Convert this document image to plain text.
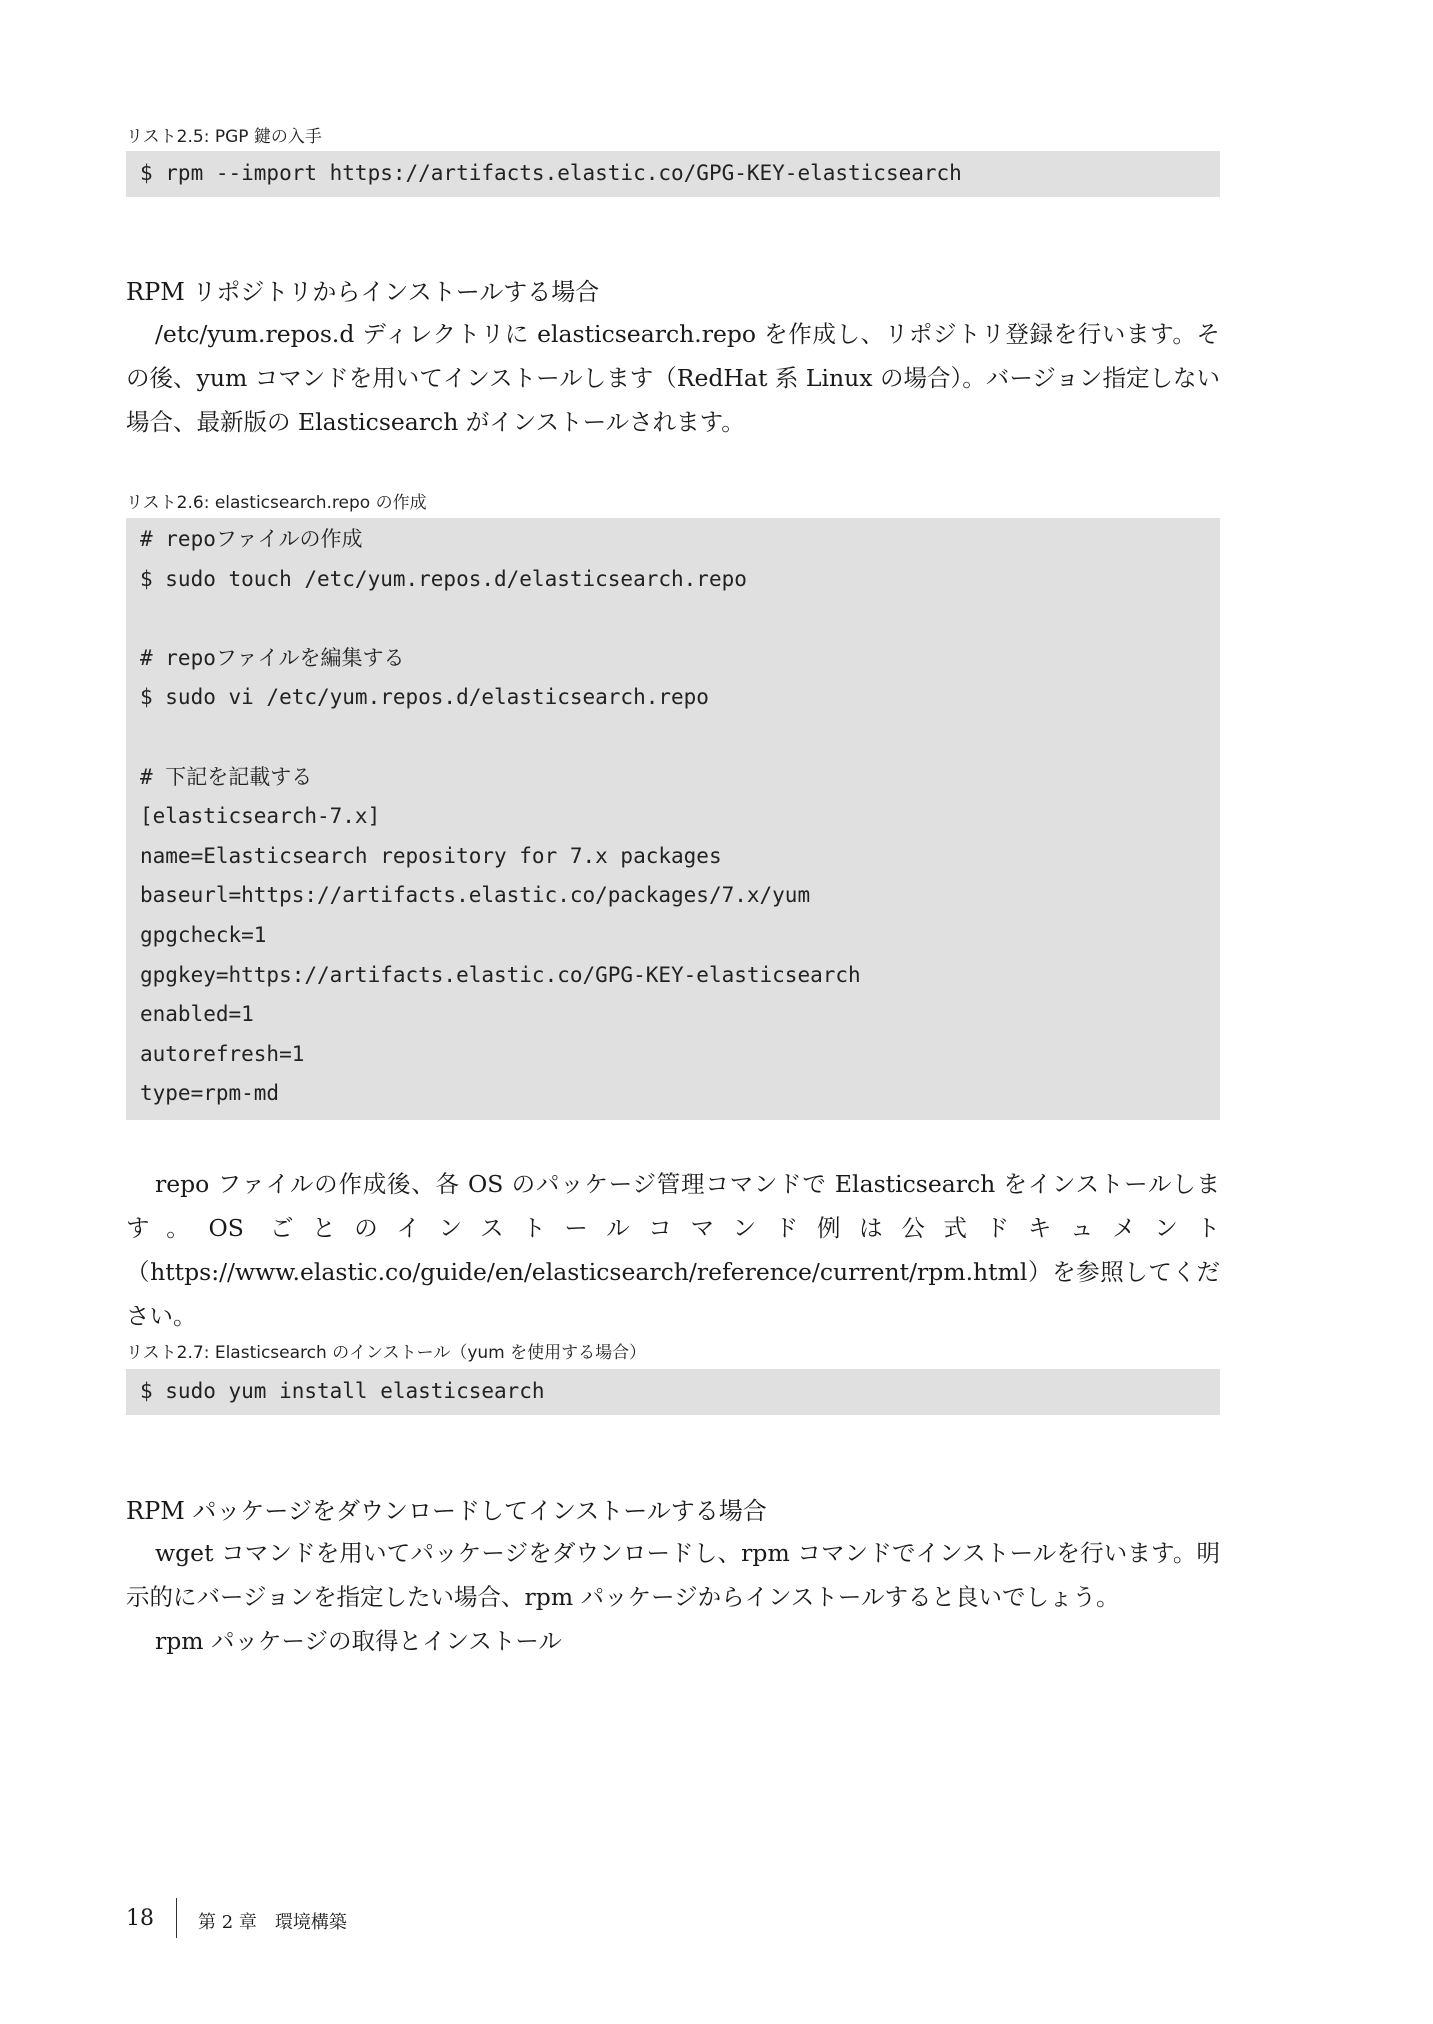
リスト2.5: PGP 鍵の入手
$ rpm --import https://artifacts.elastic.co/GPG-KEY-elasticsearch
RPM リポジトリからインストールする場合
/etc/yum.repos.d ディレクトリに elasticsearch.repo を作成し、リポジトリ登録を行います。その後、yum コマンドを用いてインストールします（RedHat 系 Linux の場合）。バージョン指定しない場合、最新版の Elasticsearch がインストールされます。
リスト2.6: elasticsearch.repo の作成
# repoファイルの作成
$ sudo touch /etc/yum.repos.d/elasticsearch.repo
# repoファイルを編集する
$ sudo vi /etc/yum.repos.d/elasticsearch.repo
# 下記を記載する
[elasticsearch-7.x]
name=Elasticsearch repository for 7.x packages
baseurl=https://artifacts.elastic.co/packages/7.x/yum
gpgcheck=1
gpgkey=https://artifacts.elastic.co/GPG-KEY-elasticsearch
enabled=1
autorefresh=1
type=rpm-md
repo ファイルの作成後、各 OS のパッケージ管理コマンドで Elasticsearch をインストールします。OS ごとのインストールコマンド例は公式ドキュメント（https://www.elastic.co/guide/en/elasticsearch/reference/current/rpm.html）を参照してください。
リスト2.7: Elasticsearch のインストール（yum を使用する場合）
$ sudo yum install elasticsearch
RPM パッケージをダウンロードしてインストールする場合
wget コマンドを用いてパッケージをダウンロードし、rpm コマンドでインストールを行います。明示的にバージョンを指定したい場合、rpm パッケージからインストールすると良いでしょう。
rpm パッケージの取得とインストール
18 第 2 章　環境構築
